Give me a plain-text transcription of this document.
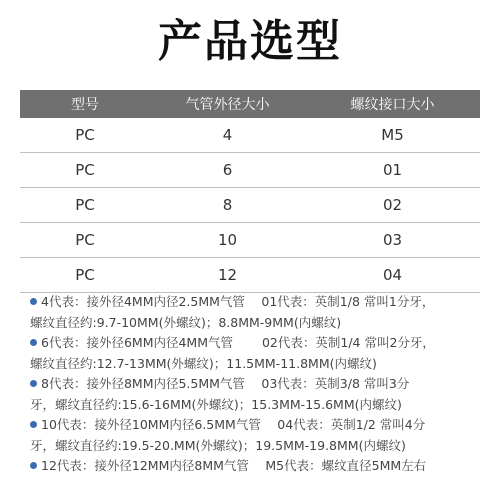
产品选型
型号	气管外径大小	螺纹接口大小
PC	4	M5
PC	6	01
PC	8	02
PC	10	03
PC	12	04
4代表：接外径4MM内径2.5MM气管　 01代表：英制1/8 常叫1分牙，
螺纹直径约:9.7-10MM(外螺纹)；8.8MM-9MM(内螺纹)
6代表：接外径6MM内径4MM气管　　 02代表：英制1/4 常叫2分牙，
螺纹直径约:12.7-13MM(外螺纹)；11.5MM-11.8MM(内螺纹)
8代表：接外径8MM内径5.5MM气管　 03代表：英制3/8 常叫3分
牙，螺纹直径约:15.6-16MM(外螺纹)；15.3MM-15.6MM(内螺纹)
10代表：接外径10MM内径6.5MM气管　 04代表：英制1/2 常叫4分
牙，螺纹直径约:19.5-20.MM(外螺纹)；19.5MM-19.8MM(内螺纹)
12代表：接外径12MM内径8MM气管　 M5代表：螺纹直径5MM左右
